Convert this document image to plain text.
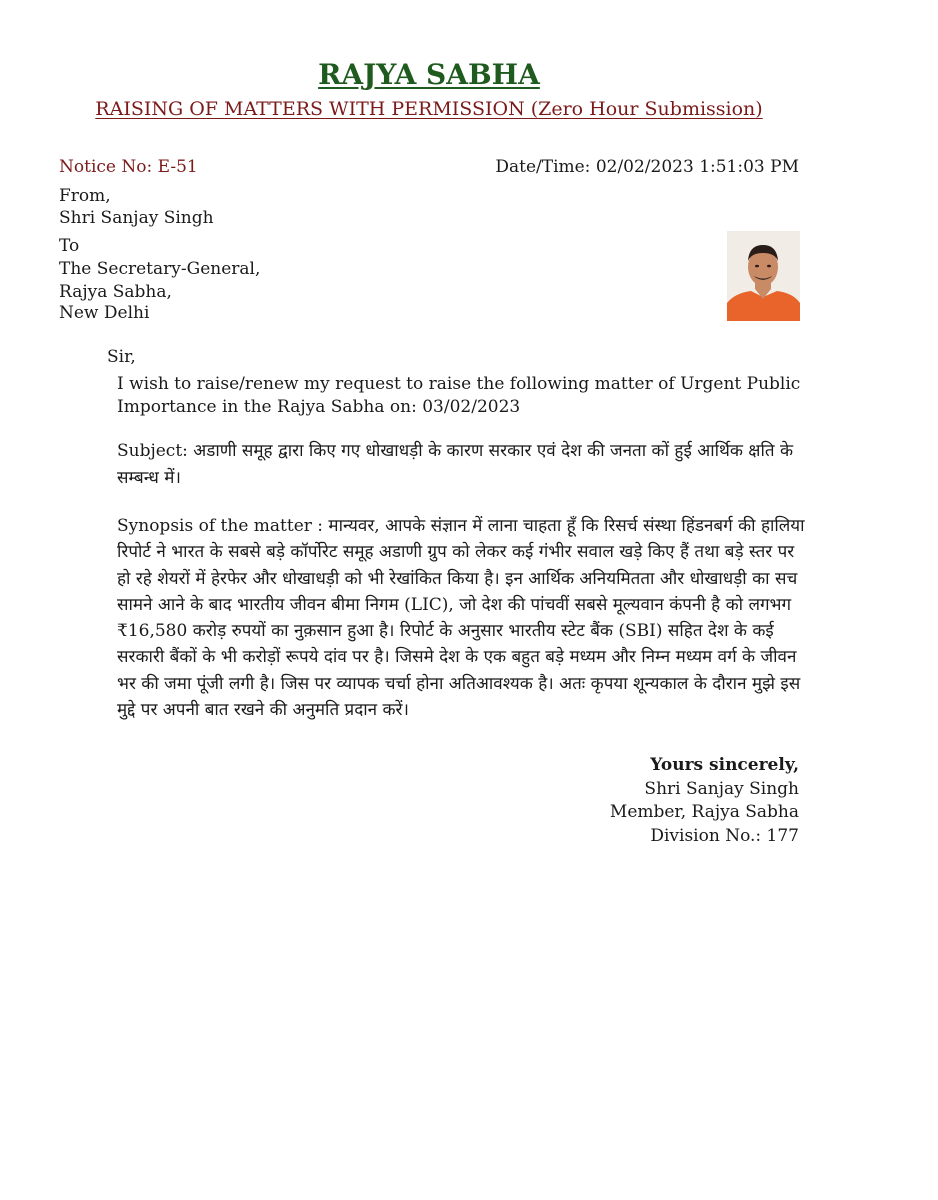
RAJYA SABHA
RAISING OF MATTERS WITH PERMISSION (Zero Hour Submission)
Notice No: E-51	Date/Time: 02/02/2023 1:51:03 PM
From,
Shri Sanjay Singh
To
The Secretary-General,
Rajya Sabha,
New Delhi
Sir,
I wish to raise/renew my request to raise the following matter of Urgent Public Importance in the Rajya Sabha on: 03/02/2023
Subject: अडाणी समूह द्वारा किए गए धोखाधड़ी के कारण सरकार एवं देश की जनता कों हुई आर्थिक क्षति के सम्बन्ध में।
Synopsis of the matter : मान्यवर, आपके संज्ञान में लाना चाहता हूँ कि रिसर्च संस्था हिंडनबर्ग की हालिया रिपोर्ट ने भारत के सबसे बड़े कॉर्पोरेट समूह अडाणी ग्रुप को लेकर कई गंभीर सवाल खड़े किए हैं तथा बड़े स्तर पर हो रहे शेयरों में हेरफेर और धोखाधड़ी को भी रेखांकित किया है। इन आर्थिक अनियमितता और धोखाधड़ी का सच सामने आने के बाद भारतीय जीवन बीमा निगम (LIC), जो देश की पांचवीं सबसे मूल्यवान कंपनी है को लगभग ₹16,580 करोड़ रुपयों का नुक़सान हुआ है। रिपोर्ट के अनुसार भारतीय स्टेट बैंक (SBI) सहित देश के कई सरकारी बैंकों के भी करोड़ों रूपये दांव पर है। जिसमे देश के एक बहुत बड़े मध्यम और निम्न मध्यम वर्ग के जीवन भर की जमा पूंजी लगी है। जिस पर व्यापक चर्चा होना अतिआवश्यक है। अतः कृपया शून्यकाल के दौरान मुझे इस मुद्दे पर अपनी बात रखने की अनुमति प्रदान करें।
Yours sincerely,
Shri Sanjay Singh
Member, Rajya Sabha
Division No.: 177
